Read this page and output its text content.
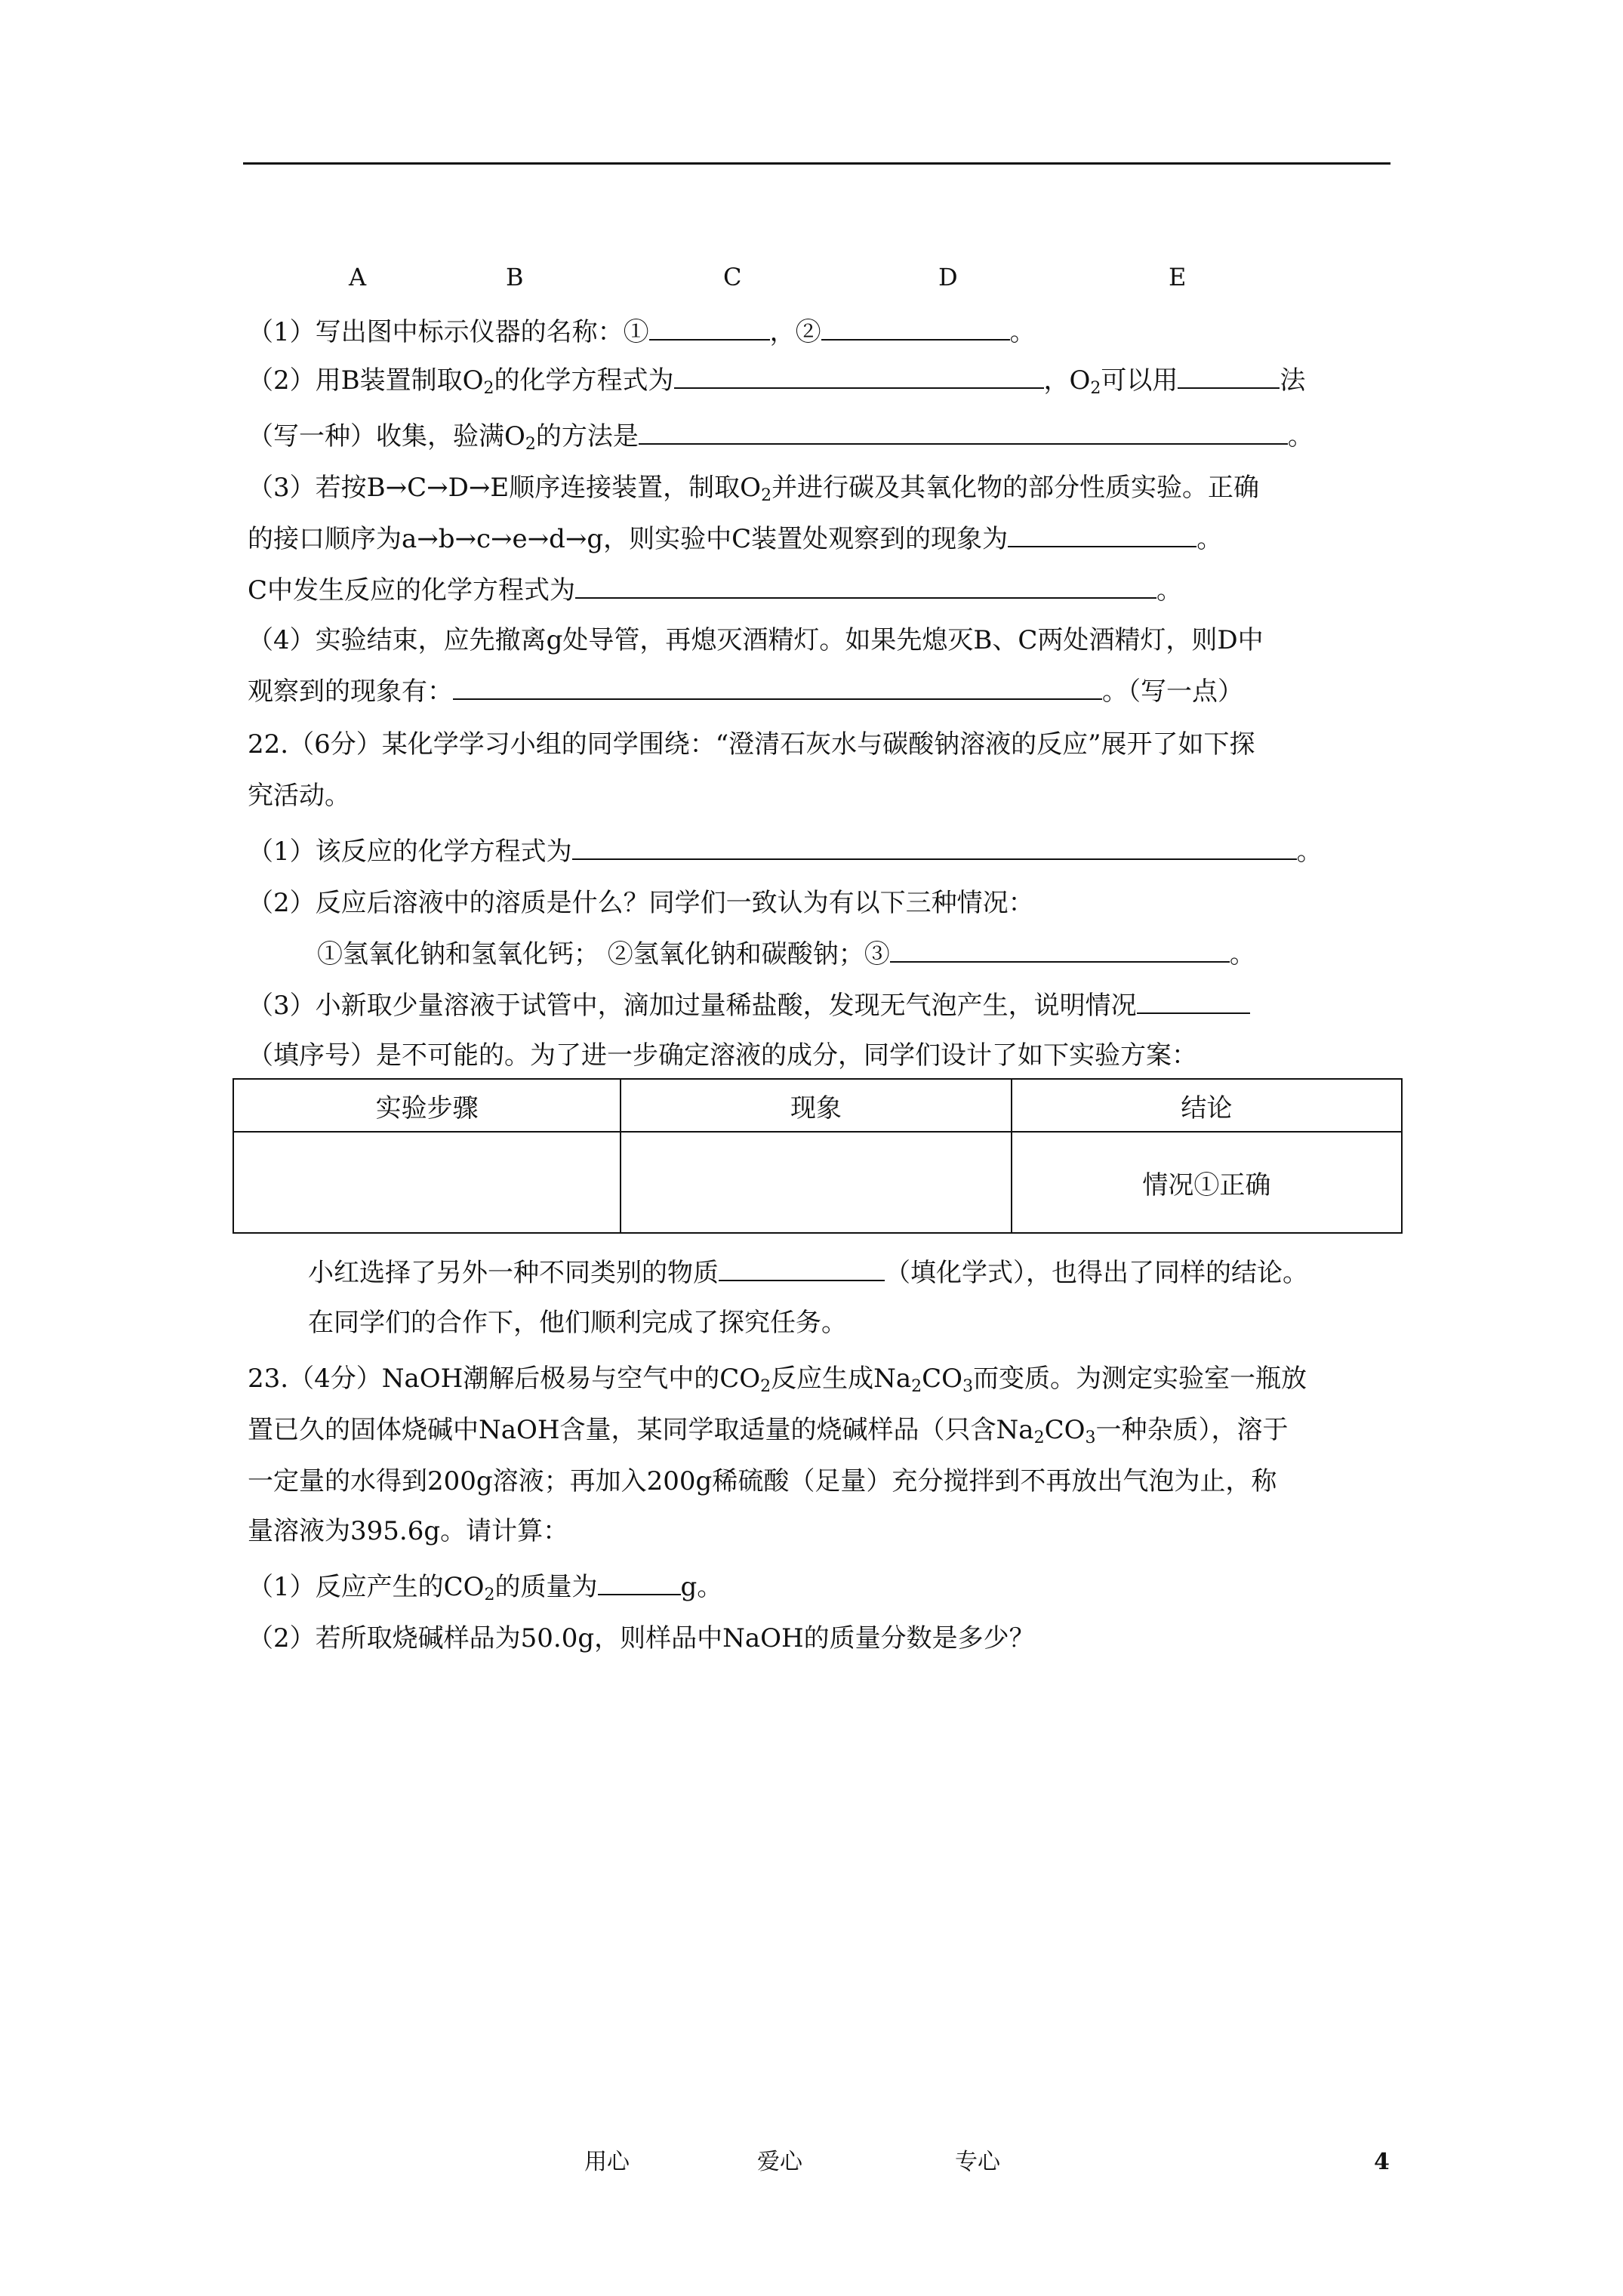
A	B	C	D	E
（1）写出图中标示仪器的名称：①	，②	。
（2）用B装置制取$O_2$的化学方程式为	，$O_2$可以用	法
（写一种）收集，验满$O_2$的方法是	。
（3）若按B→C→D→E顺序连接装置，制取$O_2$并进行碳及其氧化物的部分性质实验。正确
的接口顺序为a→b→c→e→d→g，则实验中C装置处观察到的现象为	。
C中发生反应的化学方程式为	。
（4）实验结束，应先撤离g处导管，再熄灭酒精灯。如果先熄灭B、C两处酒精灯，则D中
观察到的现象有：	。（写一点）
22.（6分）某化学学习小组的同学围绕：“澄清石灰水与碳酸钠溶液的反应”展开了如下探
究活动。
（1）该反应的化学方程式为	。
（2）反应后溶液中的溶质是什么？同学们一致认为有以下三种情况：
①氢氧化钠和氢氧化钙； ②氢氧化钠和碳酸钠；③	。
（3）小新取少量溶液于试管中，滴加过量稀盐酸，发现无气泡产生，说明情况
（填序号）是不可能的。为了进一步确定溶液的成分，同学们设计了如下实验方案：
实验步骤	现象	结论
		情况①正确
小红选择了另外一种不同类别的物质	（填化学式），也得出了同样的结论。
在同学们的合作下，他们顺利完成了探究任务。
23.（4分）NaOH潮解后极易与空气中的$CO_2$反应生成$Na_2CO_3$而变质。为测定实验室一瓶放
置已久的固体烧碱中NaOH含量，某同学取适量的烧碱样品（只含$Na_2CO_3$一种杂质），溶于
一定量的水得到200g溶液；再加入200g稀硫酸（足量）充分搅拌到不再放出气泡为止，称
量溶液为395.6g。请计算：
（1）反应产生的$CO_2$的质量为	g。
（2）若所取烧碱样品为50.0g，则样品中NaOH的质量分数是多少？
用心	爱心	专心	4
